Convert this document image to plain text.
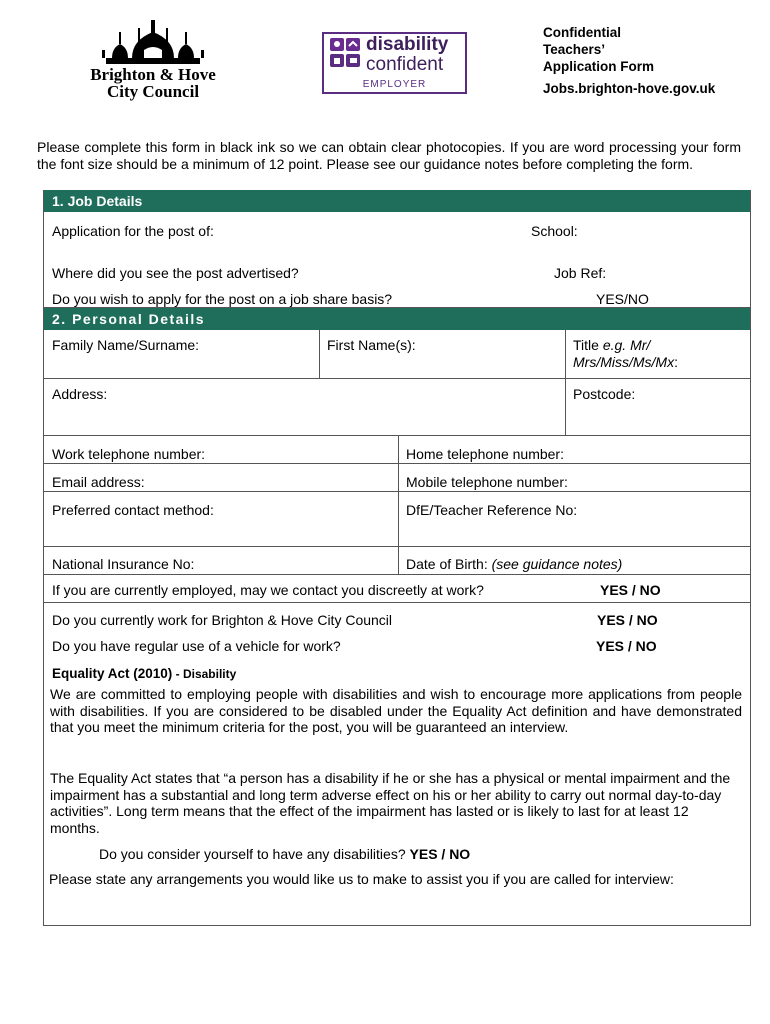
Brighton & Hove
City Council
disability
confident
EMPLOYER
Confidential
Teachers’
Application Form
Jobs.brighton-hove.gov.uk
Please complete this form in black ink so we can obtain clear photocopies. If you are word processing your form the font size should be a minimum of 12 point. Please see our guidance notes before completing the form.
1. Job Details
Application for the post of:	School:
Where did you see the post advertised?	Job Ref:
Do you wish to apply for the post on a job share basis?	YES/NO
2. Personal Details
Family Name/Surname:	First Name(s):	Title e.g. Mr/
Mrs/Miss/Ms/Mx:
Address:	Postcode:
Work telephone number:	Home telephone number:
Email address:	Mobile telephone number:
Preferred contact method:	DfE/Teacher Reference No:
National Insurance No:	Date of Birth: (see guidance notes)
If you are currently employed, may we contact you discreetly at work?	YES / NO
Do you currently work for Brighton & Hove City Council	YES / NO
Do you have regular use of a vehicle for work?	YES / NO
Equality Act (2010) - Disability
We are committed to employing people with disabilities and wish to encourage more applications from people with disabilities. If you are considered to be disabled under the Equality Act definition and have demonstrated that you meet the minimum criteria for the post, you will be guaranteed an interview.
The Equality Act states that “a person has a disability if he or she has a physical or mental impairment and the impairment has a substantial and long term adverse effect on his or her ability to carry out normal day-to-day activities”. Long term means that the effect of the impairment has lasted or is likely to last for at least 12 months.
Do you consider yourself to have any disabilities? YES / NO
Please state any arrangements you would like us to make to assist you if you are called for interview:
